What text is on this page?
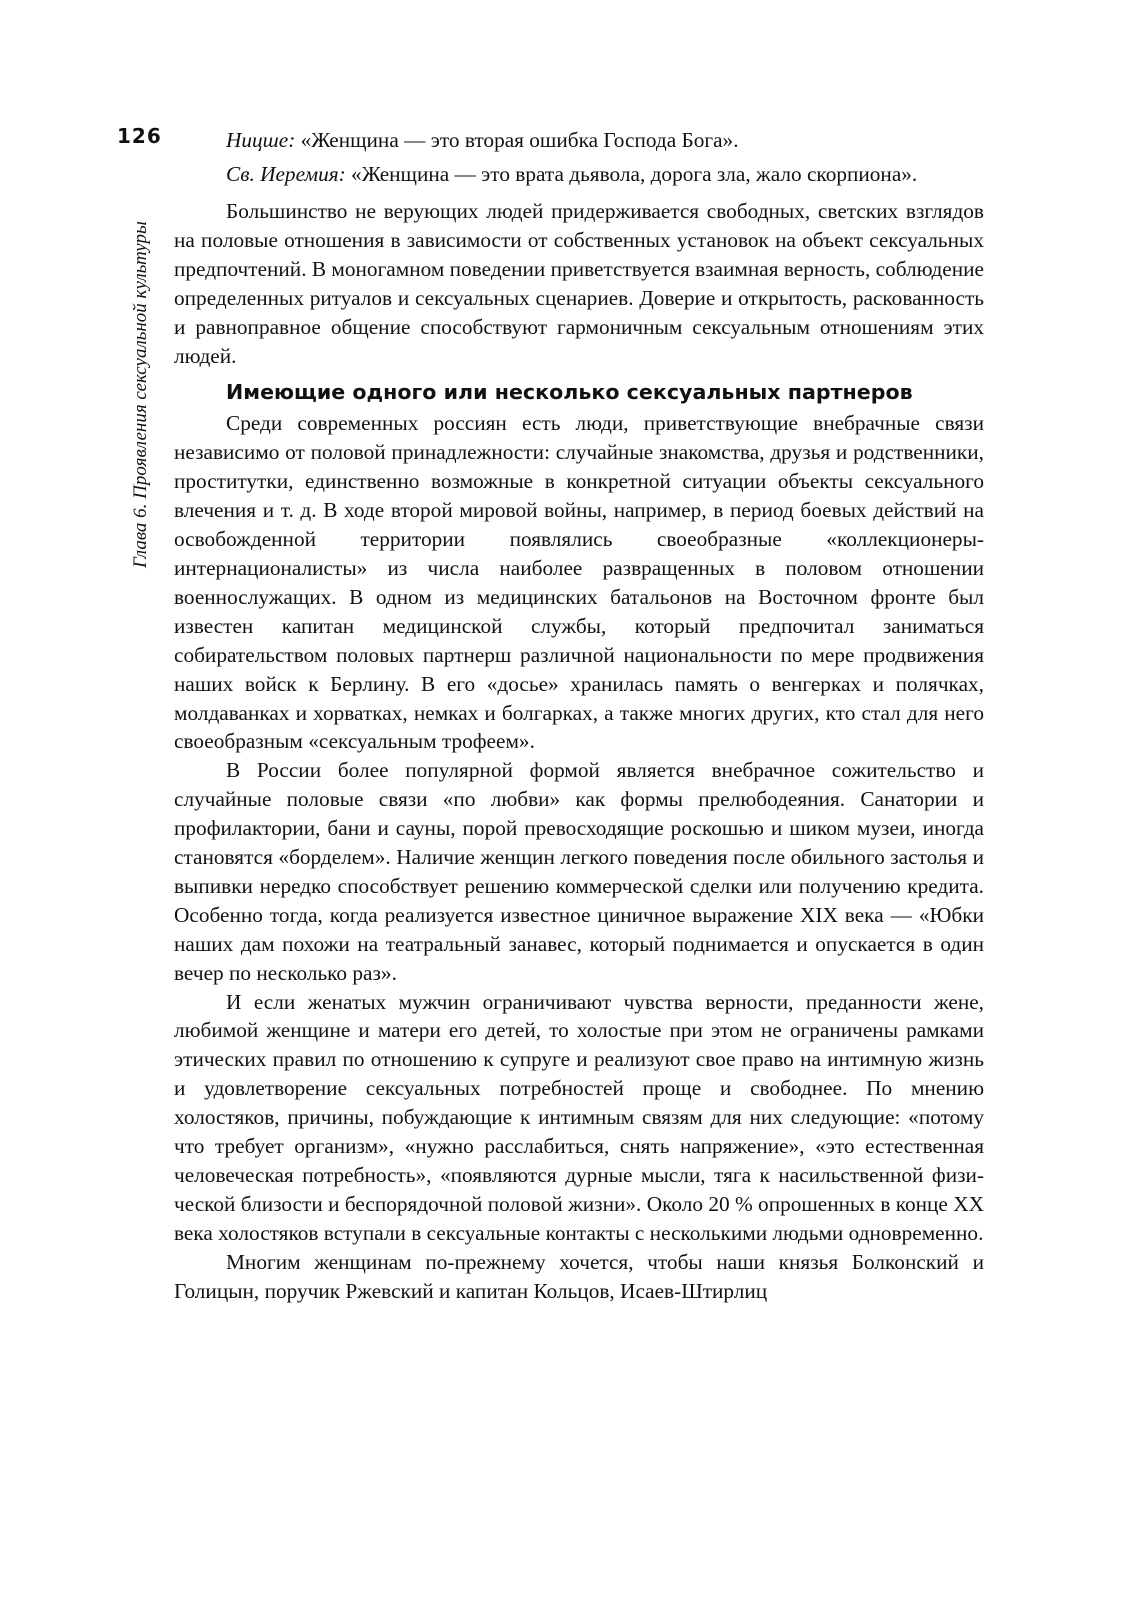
126
Глава 6. Проявления сексуальной культуры

Ницше: «Женщина — это вторая ошибка Господа Бога».

Св. Иеремия: «Женщина — это врата дьявола, дорога зла, жало скорпиона».

Большинство не верующих людей придерживается свободных, светских взглядов на половые отношения в зависимости от собственных установок на объект сексуальных предпочтений. В моногамном поведении приветствуется взаимная верность, соблюдение определенных ритуалов и сексуальных сценариев. Доверие и открытость, раскованность и равноправное общение способствуют гармоничным сексуальным отношениям этих людей.

Имеющие одного или несколько сексуальных партнеров

Среди современных россиян есть люди, приветствующие внебрачные связи независимо от половой принадлежности: случайные знакомства, друзья и родственники, проститутки, единственно возможные в конкретной ситуации объекты сексуального влечения и т. д. В ходе второй мировой войны, например, в период боевых действий на освобожденной территории появлялись своеобразные «коллекционеры-интернационалисты» из числа наиболее развращенных в половом отношении военнослужащих. В одном из медицинских батальонов на Восточном фронте был известен капитан медицинской службы, который предпочитал заниматься собирательством половых партнерш различной национальности по мере продвижения наших войск к Берлину. В его «досье» хранилась память о венгерках и полячках, молдаванках и хорватках, немках и болгарках, а также многих других, кто стал для него своеобразным «сексуальным трофеем».

В России более популярной формой является внебрачное сожительство и случайные половые связи «по любви» как формы прелюбодеяния. Санатории и профилактории, бани и сауны, порой превосходящие роскошью и шиком музеи, иногда становятся «борделем». Наличие женщин легкого поведения после обильного застолья и выпивки нередко способствует решению коммерческой сделки или получению кредита. Особенно тогда, когда реализуется известное циничное выражение XIX века — «Юбки наших дам похожи на театральный занавес, который поднимается и опускается в один вечер по несколько раз».

И если женатых мужчин ограничивают чувства верности, преданности жене, любимой женщине и матери его детей, то холостые при этом не ограничены рамками этических правил по отношению к супруге и реализуют свое право на интимную жизнь и удовлетворение сексуальных потребностей проще и свободнее. По мнению холостяков, причины, побуждающие к интимным связям для них следующие: «потому что требует организм», «нужно расслабиться, снять напряжение», «это естественная человеческая потребность», «появляются дурные мысли, тяга к насильственной физической близости и беспорядочной половой жизни». Около 20 % опрошенных в конце XX века холостяков вступали в сексуальные контакты с несколькими людьми одновременно.

Многим женщинам по-прежнему хочется, чтобы наши князья Болконский и Голицын, поручик Ржевский и капитан Кольцов, Исаев-Штирлиц
